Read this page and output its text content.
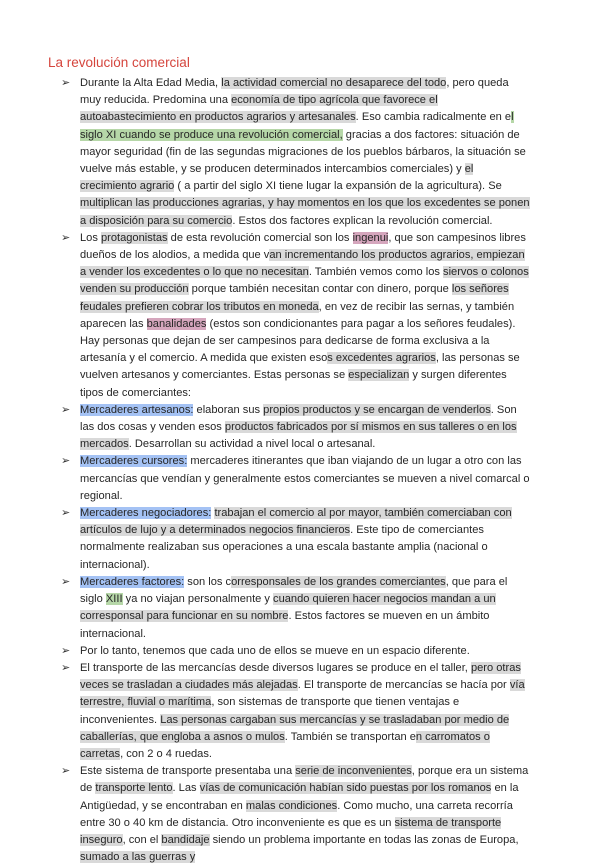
La revolución comercial
➢ Durante la Alta Edad Media, la actividad comercial no desaparece del todo, pero queda muy reducida. Predomina una economía de tipo agrícola que favorece el autoabastecimiento en productos agrarios y artesanales. Eso cambia radicalmente en el siglo XI cuando se produce una revolución comercial, gracias a dos factores: situación de mayor seguridad (fin de las segundas migraciones de los pueblos bárbaros, la situación se vuelve más estable, y se producen determinados intercambios comerciales) y el crecimiento agrario ( a partir del siglo XI tiene lugar la expansión de la agricultura). Se multiplican las producciones agrarias, y hay momentos en los que los excedentes se ponen a disposición para su comercio. Estos dos factores explican la revolución comercial.
➢ Los protagonistas de esta revolución comercial son los ingenui, que son campesinos libres dueños de los alodios, a medida que van incrementando los productos agrarios, empiezan a vender los excedentes o lo que no necesitan. También vemos como los siervos o colonos venden su producción porque también necesitan contar con dinero, porque los señores feudales prefieren cobrar los tributos en moneda, en vez de recibir las sernas, y también aparecen las banalidades (estos son condicionantes para pagar a los señores feudales). Hay personas que dejan de ser campesinos para dedicarse de forma exclusiva a la artesanía y el comercio. A medida que existen esos excedentes agrarios, las personas se vuelven artesanos y comerciantes. Estas personas se especializan y surgen diferentes tipos de comerciantes:
➢ Mercaderes artesanos: elaboran sus propios productos y se encargan de venderlos. Son las dos cosas y venden esos productos fabricados por sí mismos en sus talleres o en los mercados. Desarrollan su actividad a nivel local o artesanal.
➢ Mercaderes cursores: mercaderes itinerantes que iban viajando de un lugar a otro con las mercancías que vendían y generalmente estos comerciantes se mueven a nivel comarcal o regional.
➢ Mercaderes negociadores: trabajan el comercio al por mayor, también comerciaban con artículos de lujo y a determinados negocios financieros. Este tipo de comerciantes normalmente realizaban sus operaciones a una escala bastante amplia (nacional o internacional).
➢ Mercaderes factores: son los corresponsales de los grandes comerciantes, que para el siglo XIII ya no viajan personalmente y cuando quieren hacer negocios mandan a un corresponsal para funcionar en su nombre. Estos factores se mueven en un ámbito internacional.
➢ Por lo tanto, tenemos que cada uno de ellos se mueve en un espacio diferente.
➢ El transporte de las mercancías desde diversos lugares se produce en el taller, pero otras veces se trasladan a ciudades más alejadas. El transporte de mercancías se hacía por vía terrestre, fluvial o marítima, son sistemas de transporte que tienen ventajas e inconvenientes. Las personas cargaban sus mercancías y se trasladaban por medio de caballerías, que engloba a asnos o mulos. También se transportan en carromatos o carretas, con 2 o 4 ruedas.
➢ Este sistema de transporte presentaba una serie de inconvenientes, porque era un sistema de transporte lento. Las vías de comunicación habían sido puestas por los romanos en la Antigüedad, y se encontraban en malas condiciones. Como mucho, una carreta recorría entre 30 o 40 km de distancia. Otro inconveniente es que es un sistema de transporte inseguro, con el bandidaje siendo un problema importante en todas las zonas de Europa, sumado a las guerras y
